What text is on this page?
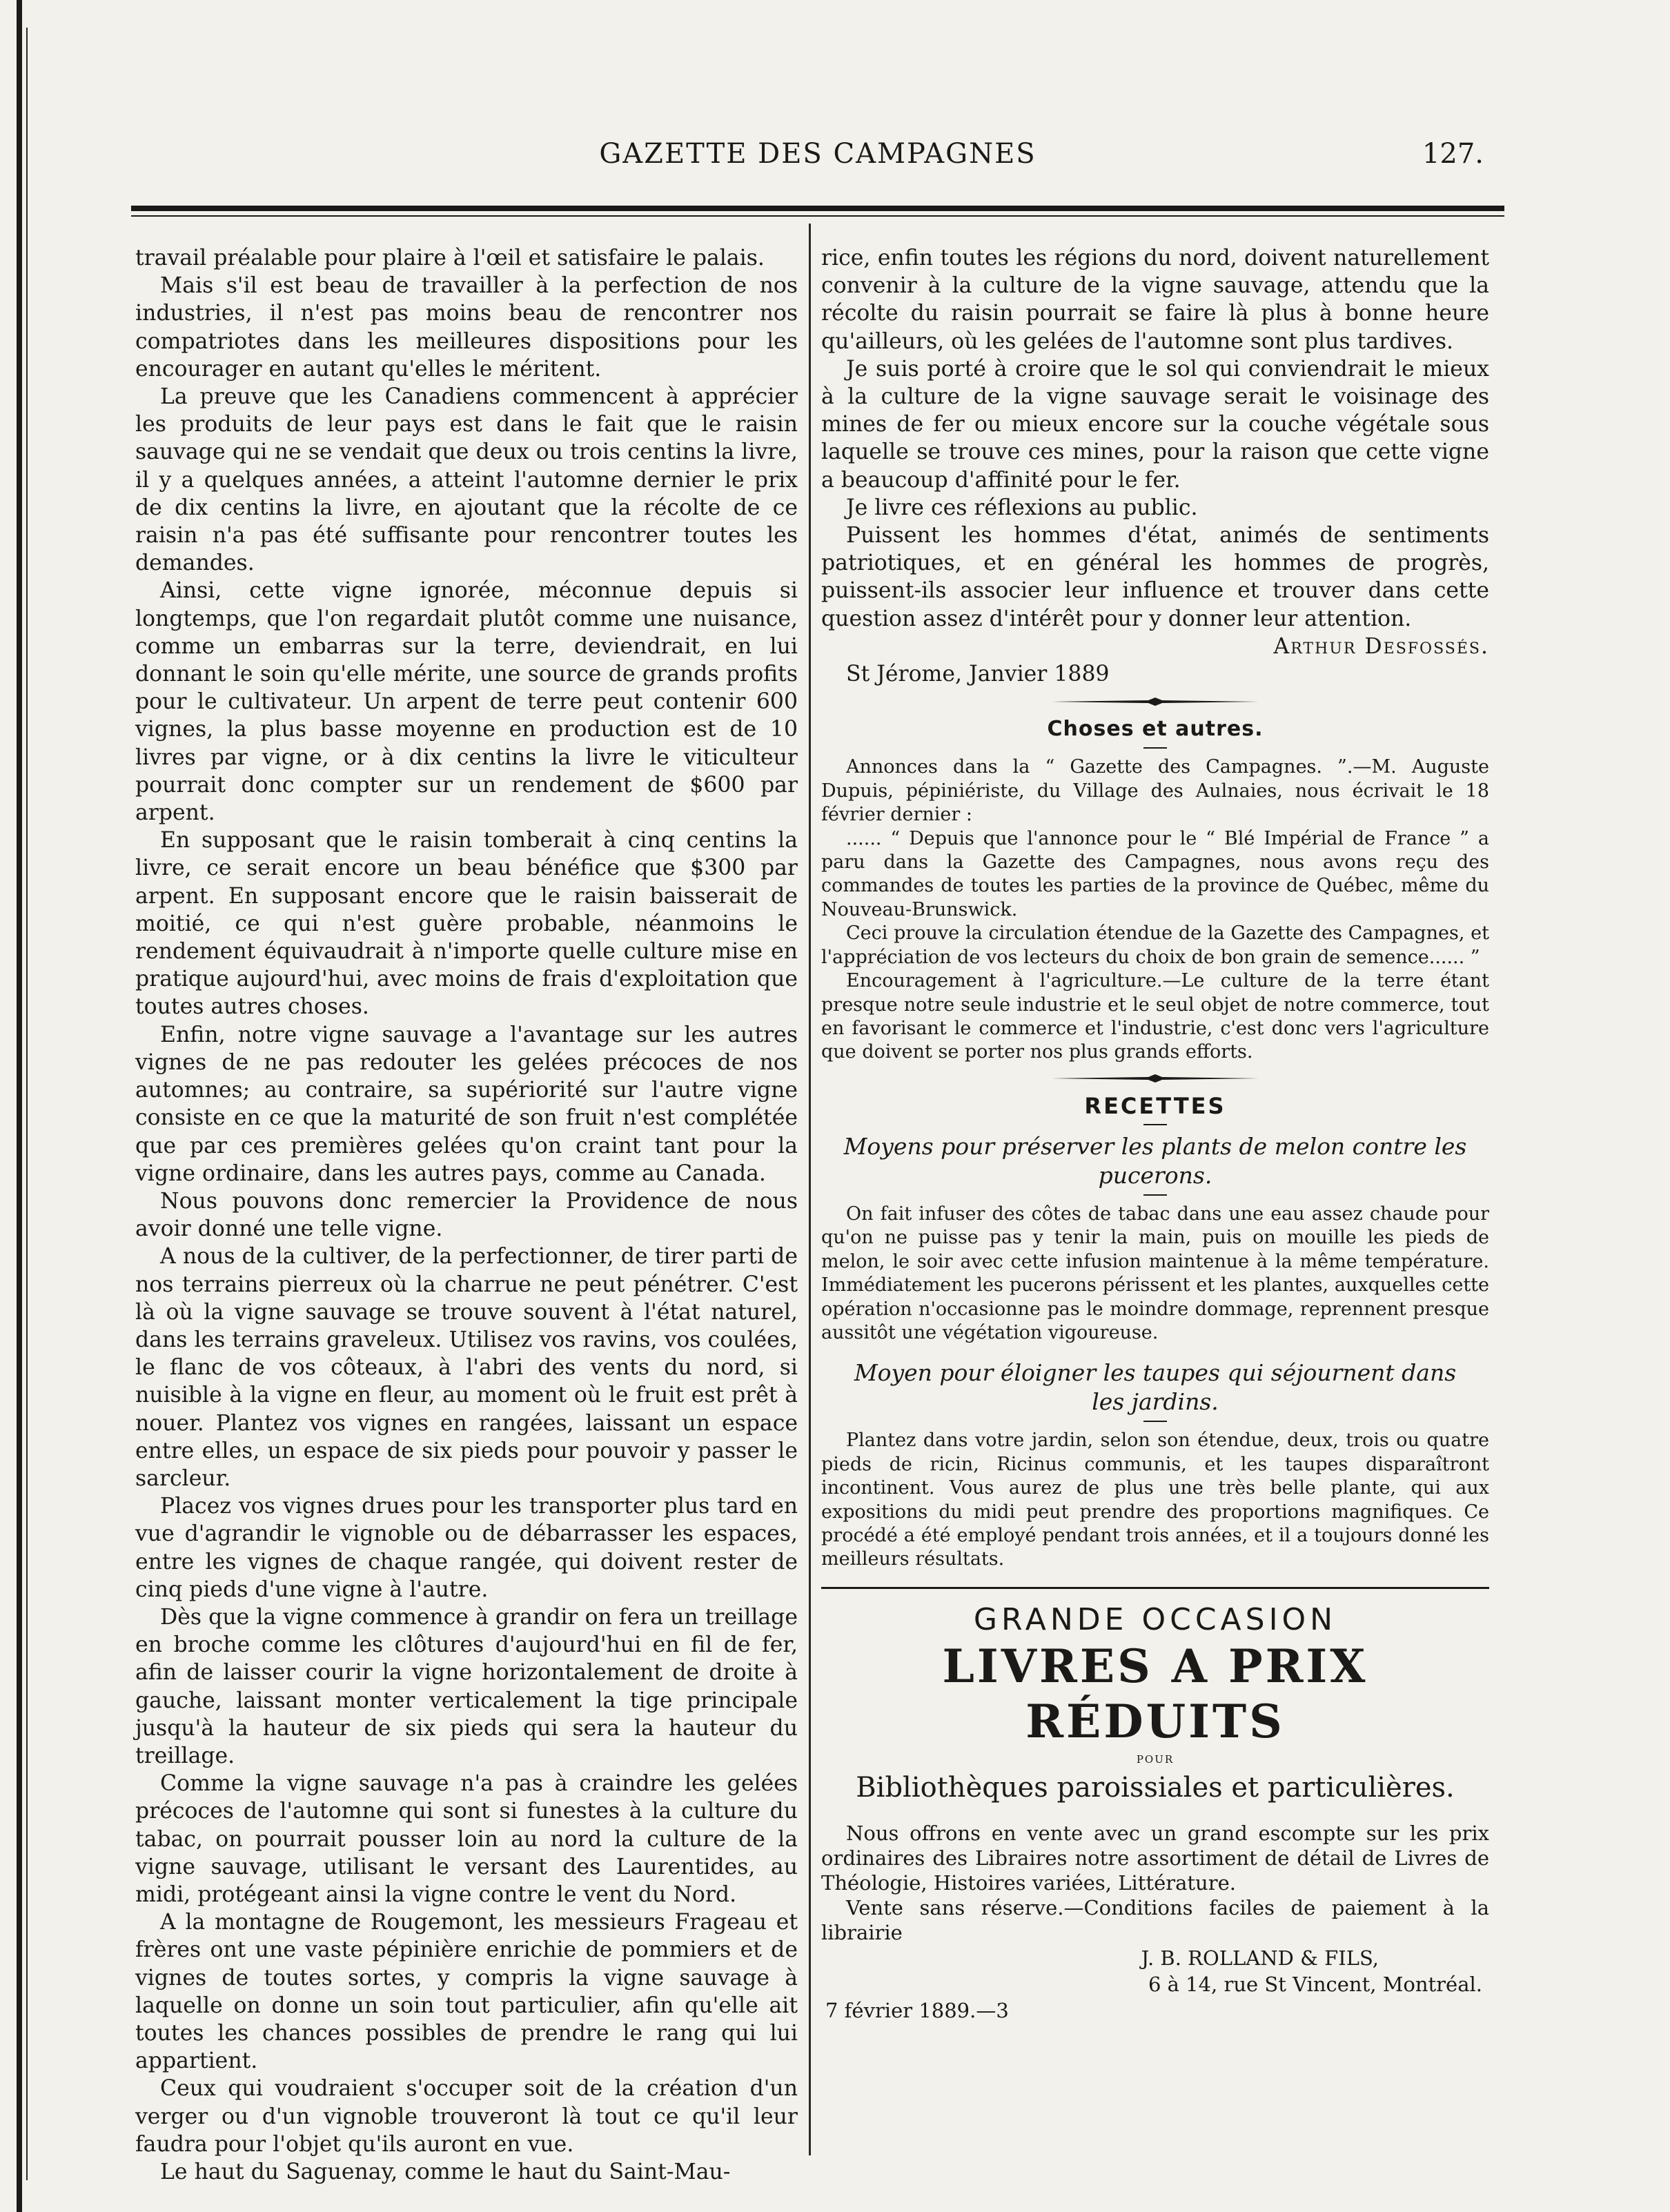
GAZETTE DES CAMPAGNES	127.

travail préalable pour plaire à l'œil et satisfaire le palais.

Mais s'il est beau de travailler à la perfection de nos industries, il n'est pas moins beau de rencontrer nos compatriotes dans les meilleures dispositions pour les encourager en autant qu'elles le méritent.

La preuve que les Canadiens commencent à apprécier les produits de leur pays est dans le fait que le raisin sauvage qui ne se vendait que deux ou trois centins la livre, il y a quelques années, a atteint l'automne dernier le prix de dix centins la livre, en ajoutant que la récolte de ce raisin n'a pas été suffisante pour rencontrer toutes les demandes.

Ainsi, cette vigne ignorée, méconnue depuis si longtemps, que l'on regardait plutôt comme une nuisance, comme un embarras sur la terre, deviendrait, en lui donnant le soin qu'elle mérite, une source de grands profits pour le cultivateur. Un arpent de terre peut contenir 600 vignes, la plus basse moyenne en production est de 10 livres par vigne, or à dix centins la livre le viticulteur pourrait donc compter sur un rendement de $600 par arpent.

En supposant que le raisin tomberait à cinq centins la livre, ce serait encore un beau bénéfice que $300 par arpent. En supposant encore que le raisin baisserait de moitié, ce qui n'est guère probable, néanmoins le rendement équivaudrait à n'importe quelle culture mise en pratique aujourd'hui, avec moins de frais d'exploitation que toutes autres choses.

Enfin, notre vigne sauvage a l'avantage sur les autres vignes de ne pas redouter les gelées précoces de nos automnes; au contraire, sa supériorité sur l'autre vigne consiste en ce que la maturité de son fruit n'est complétée que par ces premières gelées qu'on craint tant pour la vigne ordinaire, dans les autres pays, comme au Canada.

Nous pouvons donc remercier la Providence de nous avoir donné une telle vigne.

A nous de la cultiver, de la perfectionner, de tirer parti de nos terrains pierreux où la charrue ne peut pénétrer. C'est là où la vigne sauvage se trouve souvent à l'état naturel, dans les terrains graveleux. Utilisez vos ravins, vos coulées, le flanc de vos côteaux, à l'abri des vents du nord, si nuisible à la vigne en fleur, au moment où le fruit est prêt à nouer. Plantez vos vignes en rangées, laissant un espace entre elles, un espace de six pieds pour pouvoir y passer le sarcleur.

Placez vos vignes drues pour les transporter plus tard en vue d'agrandir le vignoble ou de débarrasser les espaces, entre les vignes de chaque rangée, qui doivent rester de cinq pieds d'une vigne à l'autre.

Dès que la vigne commence à grandir on fera un treillage en broche comme les clôtures d'aujourd'hui en fil de fer, afin de laisser courir la vigne horizontalement de droite à gauche, laissant monter verticalement la tige principale jusqu'à la hauteur de six pieds qui sera la hauteur du treillage.

Comme la vigne sauvage n'a pas à craindre les gelées précoces de l'automne qui sont si funestes à la culture du tabac, on pourrait pousser loin au nord la culture de la vigne sauvage, utilisant le versant des Laurentides, au midi, protégeant ainsi la vigne contre le vent du Nord.

A la montagne de Rougemont, les messieurs Frageau et frères ont une vaste pépinière enrichie de pommiers et de vignes de toutes sortes, y compris la vigne sauvage à laquelle on donne un soin tout particulier, afin qu'elle ait toutes les chances possibles de prendre le rang qui lui appartient.

Ceux qui voudraient s'occuper soit de la création d'un verger ou d'un vignoble trouveront là tout ce qu'il leur faudra pour l'objet qu'ils auront en vue.

Le haut du Saguenay, comme le haut du Saint-Mau-

rice, enfin toutes les régions du nord, doivent naturellement convenir à la culture de la vigne sauvage, attendu que la récolte du raisin pourrait se faire là plus à bonne heure qu'ailleurs, où les gelées de l'automne sont plus tardives.

Je suis porté à croire que le sol qui conviendrait le mieux à la culture de la vigne sauvage serait le voisinage des mines de fer ou mieux encore sur la couche végétale sous laquelle se trouve ces mines, pour la raison que cette vigne a beaucoup d'affinité pour le fer.

Je livre ces réflexions au public.

Puissent les hommes d'état, animés de sentiments patriotiques, et en général les hommes de progrès, puissent-ils associer leur influence et trouver dans cette question assez d'intérêt pour y donner leur attention.

Arthur Desfossés.

St Jérome, Janvier 1889

Choses et autres.

Annonces dans la “ Gazette des Campagnes. ”.—M. Auguste Dupuis, pépiniériste, du Village des Aulnaies, nous écrivait le 18 février dernier :

...... “ Depuis que l'annonce pour le “ Blé Impérial de France ” a paru dans la Gazette des Campagnes, nous avons reçu des commandes de toutes les parties de la province de Québec, même du Nouveau-Brunswick.

Ceci prouve la circulation étendue de la Gazette des Campagnes, et l'appréciation de vos lecteurs du choix de bon grain de semence...... ”

Encouragement à l'agriculture.—Le culture de la terre étant presque notre seule industrie et le seul objet de notre commerce, tout en favorisant le commerce et l'industrie, c'est donc vers l'agriculture que doivent se porter nos plus grands efforts.

RECETTES

Moyens pour préserver les plants de melon contre les pucerons.

On fait infuser des côtes de tabac dans une eau assez chaude pour qu'on ne puisse pas y tenir la main, puis on mouille les pieds de melon, le soir avec cette infusion maintenue à la même température. Immédiatement les pucerons périssent et les plantes, auxquelles cette opération n'occasionne pas le moindre dommage, reprennent presque aussitôt une végétation vigoureuse.

Moyen pour éloigner les taupes qui séjournent dans les jardins.

Plantez dans votre jardin, selon son étendue, deux, trois ou quatre pieds de ricin, Ricinus communis, et les taupes disparaîtront incontinent. Vous aurez de plus une très belle plante, qui aux expositions du midi peut prendre des proportions magnifiques. Ce procédé a été employé pendant trois années, et il a toujours donné les meilleurs résultats.

GRANDE OCCASION

LIVRES A PRIX RÉDUITS

pour

Bibliothèques paroissiales et particulières.

Nous offrons en vente avec un grand escompte sur les prix ordinaires des Libraires notre assortiment de détail de Livres de Théologie, Histoires variées, Littérature.

Vente sans réserve.—Conditions faciles de paiement à la librairie

J. B. ROLLAND & FILS,

6 à 14, rue St Vincent, Montréal.

7 février 1889.—3
